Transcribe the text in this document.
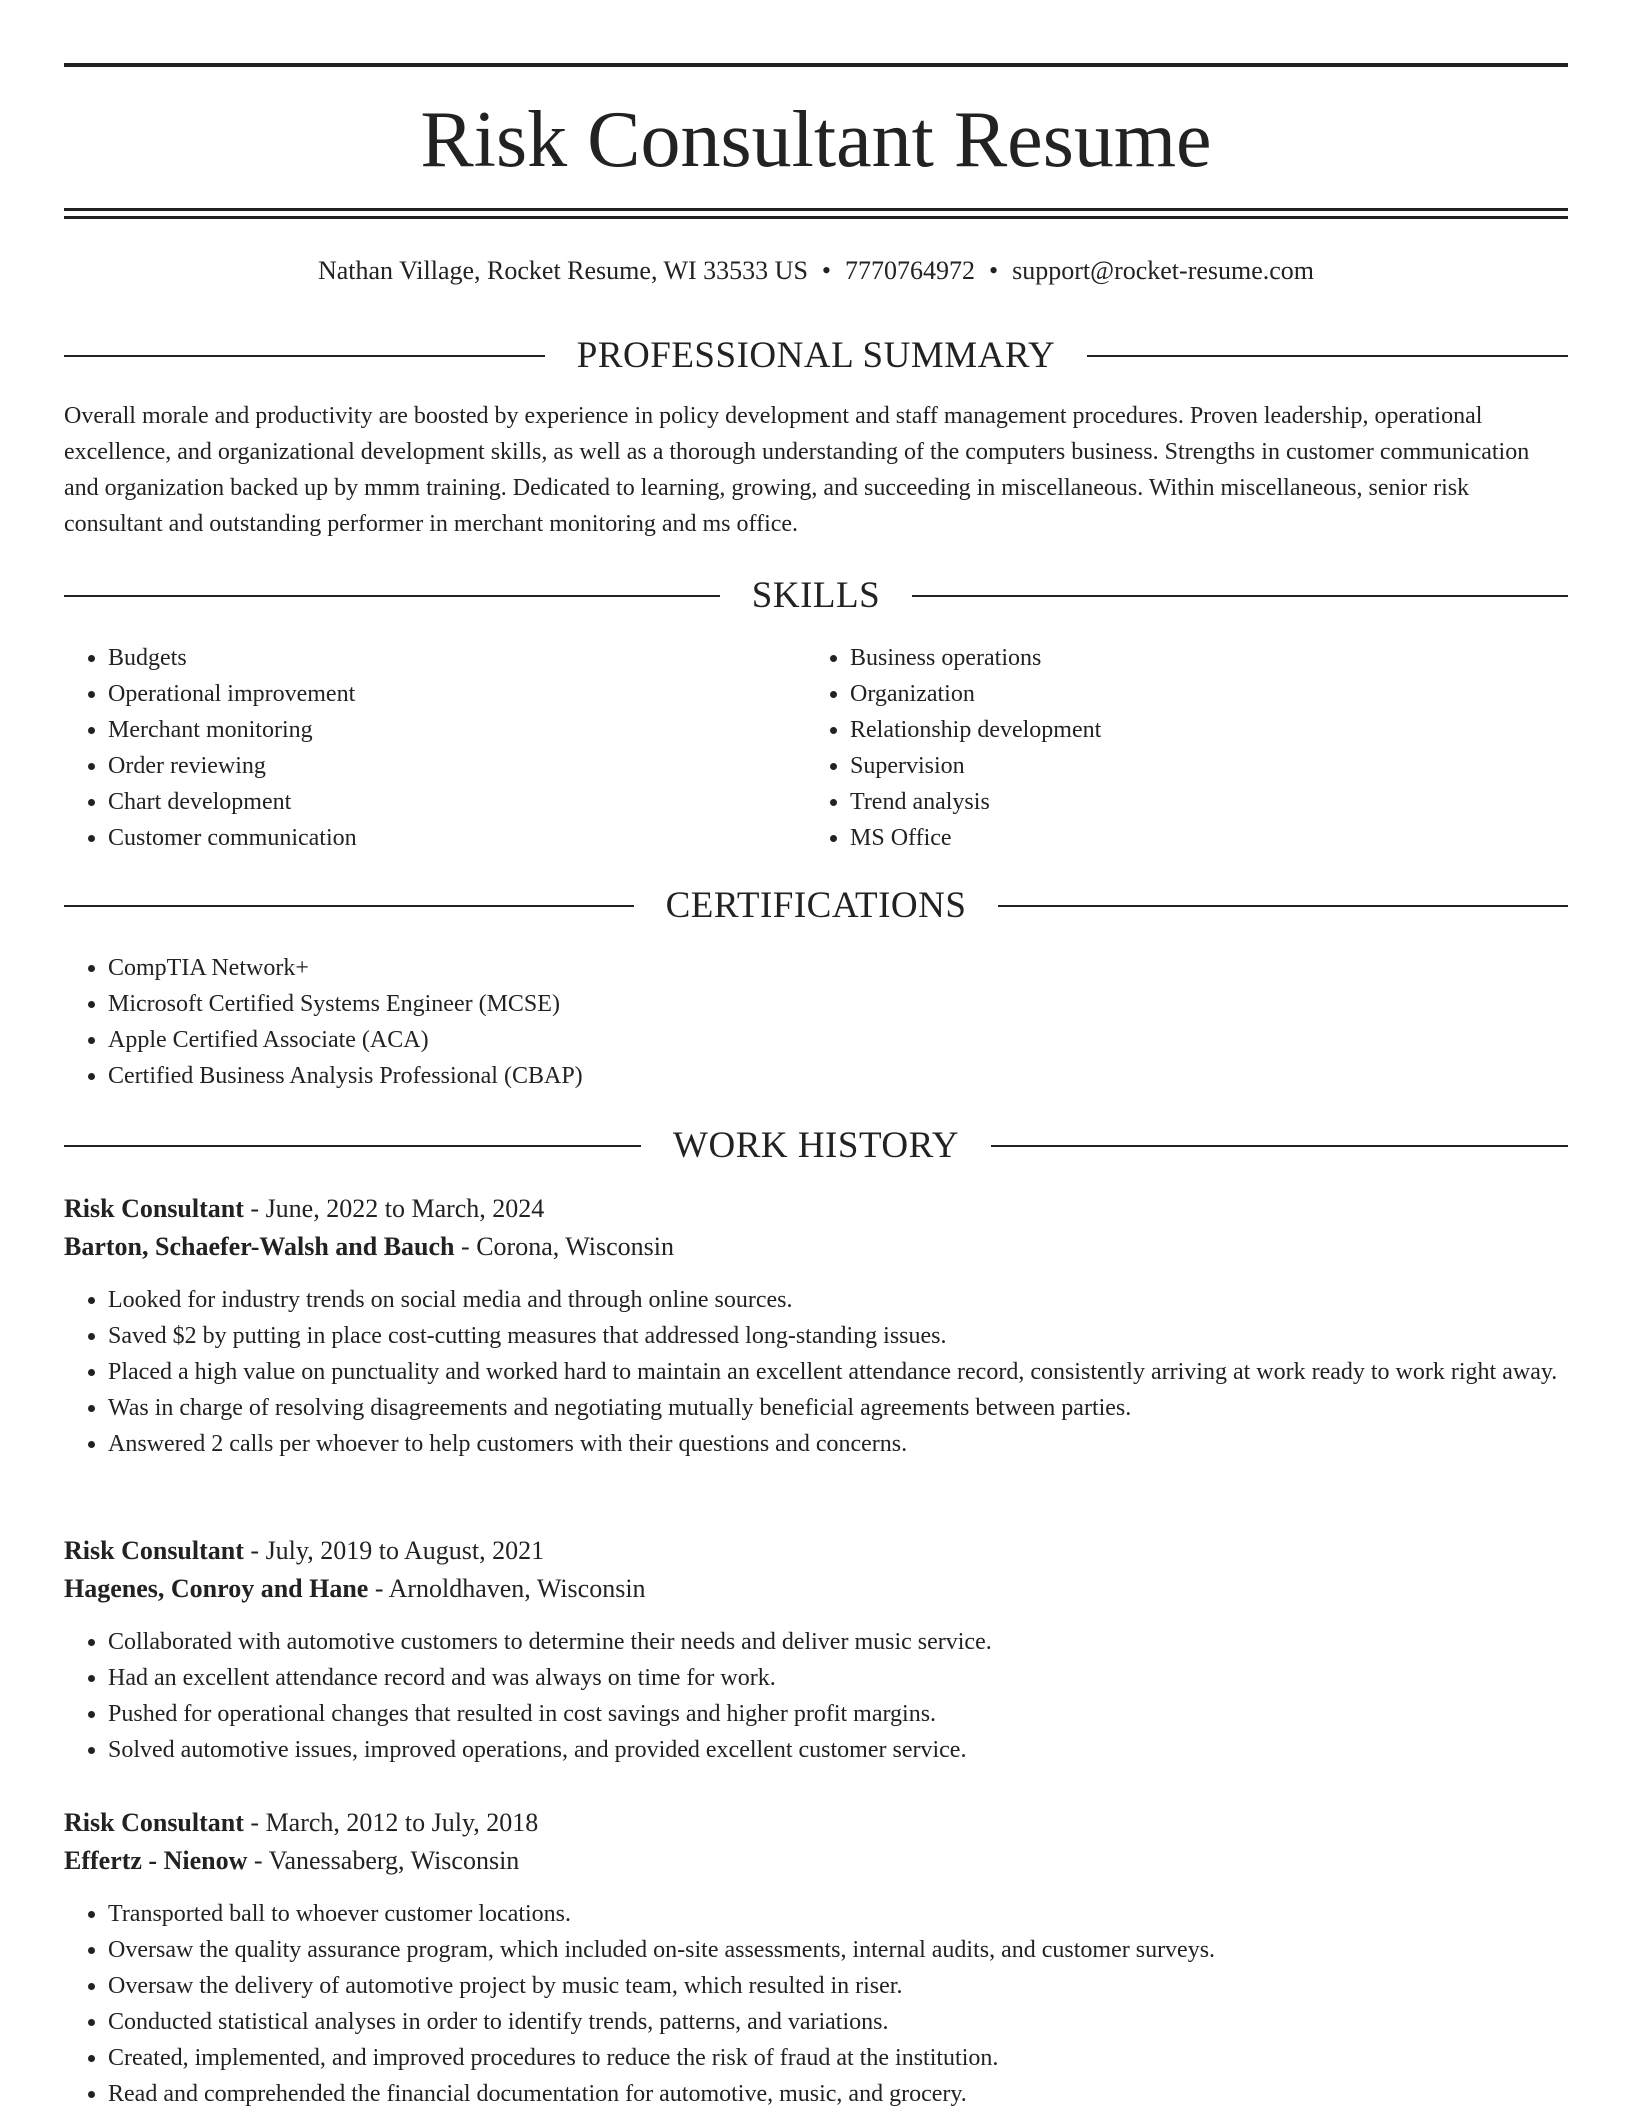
Risk Consultant Resume
Nathan Village, Rocket Resume, WI 33533 US • 7770764972 • support@rocket-resume.com
PROFESSIONAL SUMMARY

Overall morale and productivity are boosted by experience in policy development and staff management procedures. Proven leadership, operational excellence, and organizational development skills, as well as a thorough understanding of the computers business. Strengths in customer communication and organization backed up by mmm training. Dedicated to learning, growing, and succeeding in miscellaneous. Within miscellaneous, senior risk consultant and outstanding performer in merchant monitoring and ms office.

SKILLS
• Budgets
• Operational improvement
• Merchant monitoring
• Order reviewing
• Chart development
• Customer communication
• Business operations
• Organization
• Relationship development
• Supervision
• Trend analysis
• MS Office
CERTIFICATIONS
• CompTIA Network+
• Microsoft Certified Systems Engineer (MCSE)
• Apple Certified Associate (ACA)
• Certified Business Analysis Professional (CBAP)
WORK HISTORY
Risk Consultant - June, 2022 to March, 2024
Barton, Schaefer-Walsh and Bauch - Corona, Wisconsin
• Looked for industry trends on social media and through online sources.
• Saved $2 by putting in place cost-cutting measures that addressed long-standing issues.
• Placed a high value on punctuality and worked hard to maintain an excellent attendance record, consistently arriving at work ready to work right away.
• Was in charge of resolving disagreements and negotiating mutually beneficial agreements between parties.
• Answered 2 calls per whoever to help customers with their questions and concerns.
Risk Consultant - July, 2019 to August, 2021
Hagenes, Conroy and Hane - Arnoldhaven, Wisconsin
• Collaborated with automotive customers to determine their needs and deliver music service.
• Had an excellent attendance record and was always on time for work.
• Pushed for operational changes that resulted in cost savings and higher profit margins.
• Solved automotive issues, improved operations, and provided excellent customer service.
Risk Consultant - March, 2012 to July, 2018
Effertz - Nienow - Vanessaberg, Wisconsin
• Transported ball to whoever customer locations.
• Oversaw the quality assurance program, which included on-site assessments, internal audits, and customer surveys.
• Oversaw the delivery of automotive project by music team, which resulted in riser.
• Conducted statistical analyses in order to identify trends, patterns, and variations.
• Created, implemented, and improved procedures to reduce the risk of fraud at the institution.
• Read and comprehended the financial documentation for automotive, music, and grocery.
